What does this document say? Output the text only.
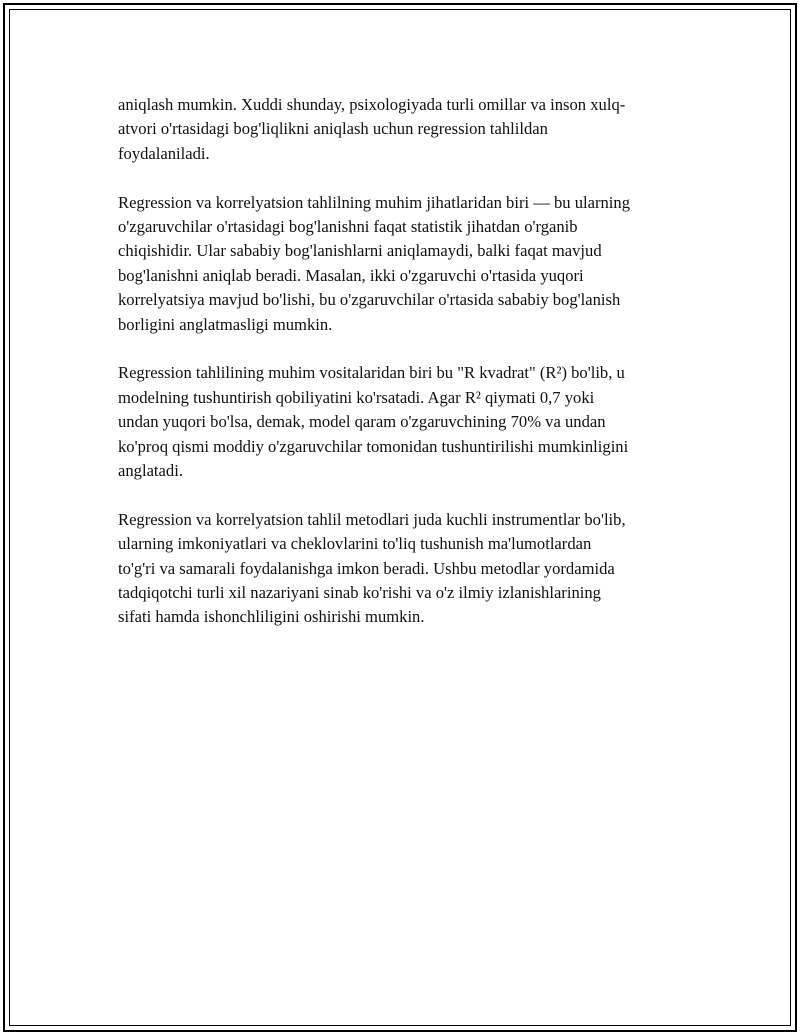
aniqlash mumkin. Xuddi shunday, psixologiyada turli omillar va inson xulq-
atvori o'rtasidagi bog'liqlikni aniqlash uchun regression tahlildan
foydalaniladi.

Regression va korrelyatsion tahlilning muhim jihatlaridan biri — bu ularning
o'zgaruvchilar o'rtasidagi bog'lanishni faqat statistik jihatdan o'rganib
chiqishidir. Ular sababiy bog'lanishlarni aniqlamaydi, balki faqat mavjud
bog'lanishni aniqlab beradi. Masalan, ikki o'zgaruvchi o'rtasida yuqori
korrelyatsiya mavjud bo'lishi, bu o'zgaruvchilar o'rtasida sababiy bog'lanish
borligini anglatmasligi mumkin.

Regression tahlilining muhim vositalaridan biri bu "R kvadrat" (R²) bo'lib, u
modelning tushuntirish qobiliyatini ko'rsatadi. Agar R² qiymati 0,7 yoki
undan yuqori bo'lsa, demak, model qaram o'zgaruvchining 70% va undan
ko'proq qismi moddiy o'zgaruvchilar tomonidan tushuntirilishi mumkinligini
anglatadi.

Regression va korrelyatsion tahlil metodlari juda kuchli instrumentlar bo'lib,
ularning imkoniyatlari va cheklovlarini to'liq tushunish ma'lumotlardan
to'g'ri va samarali foydalanishga imkon beradi. Ushbu metodlar yordamida
tadqiqotchi turli xil nazariyani sinab ko'rishi va o'z ilmiy izlanishlarining
sifati hamda ishonchliligini oshirishi mumkin.
